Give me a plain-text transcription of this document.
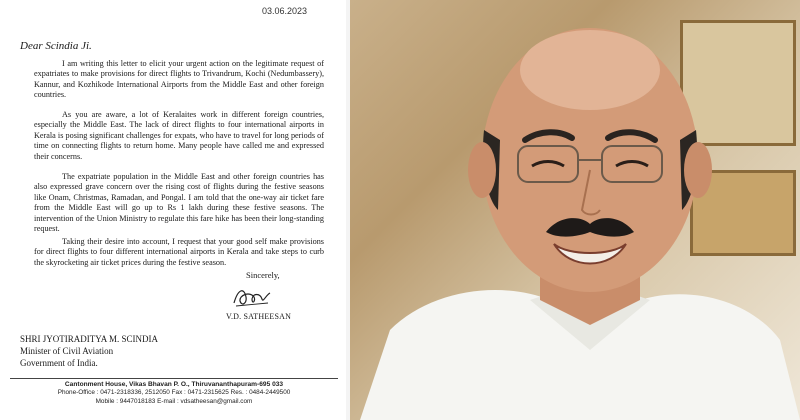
03.06.2023
Dear Scindia Ji.

I am writing this letter to elicit your urgent action on the legitimate request of expatriates to make provisions for direct flights to Trivandrum, Kochi (Nedumbassery), Kannur, and Kozhikode International Airports from the Middle East and other foreign countries.

As you are aware, a lot of Keralaites work in different foreign countries, especially the Middle East. The lack of direct flights to four international airports in Kerala is posing significant challenges for expats, who have to travel for long periods of time on connecting flights to return home. Many people have called me and expressed their concerns.

The expatriate population in the Middle East and other foreign countries has also expressed grave concern over the rising cost of flights during the festive seasons like Onam, Christmas, Ramadan, and Pongal. I am told that the one-way air ticket fare from the Middle East will go up to Rs 1 lakh during these festive seasons. The intervention of the Union Ministry to regulate this fare hike has been their long-standing request.

Taking their desire into account, I request that your good self make provisions for direct flights to four different international airports in Kerala and take steps to curb the skyrocketing air ticket prices during the festive season.

Sincerely,
V.D. SATHEESAN
SHRI JYOTIRADITYA M. SCINDIA
Minister of Civil Aviation
Government of India.
Cantonment House, Vikas Bhavan P. O., Thiruvananthapuram-695 033
Phone-Office : 0471-2318336, 2512050 Fax : 0471-2315625 Res. : 0484-2449500
Mobile : 9447018183 E-mail : vdsatheesan@gmail.com
